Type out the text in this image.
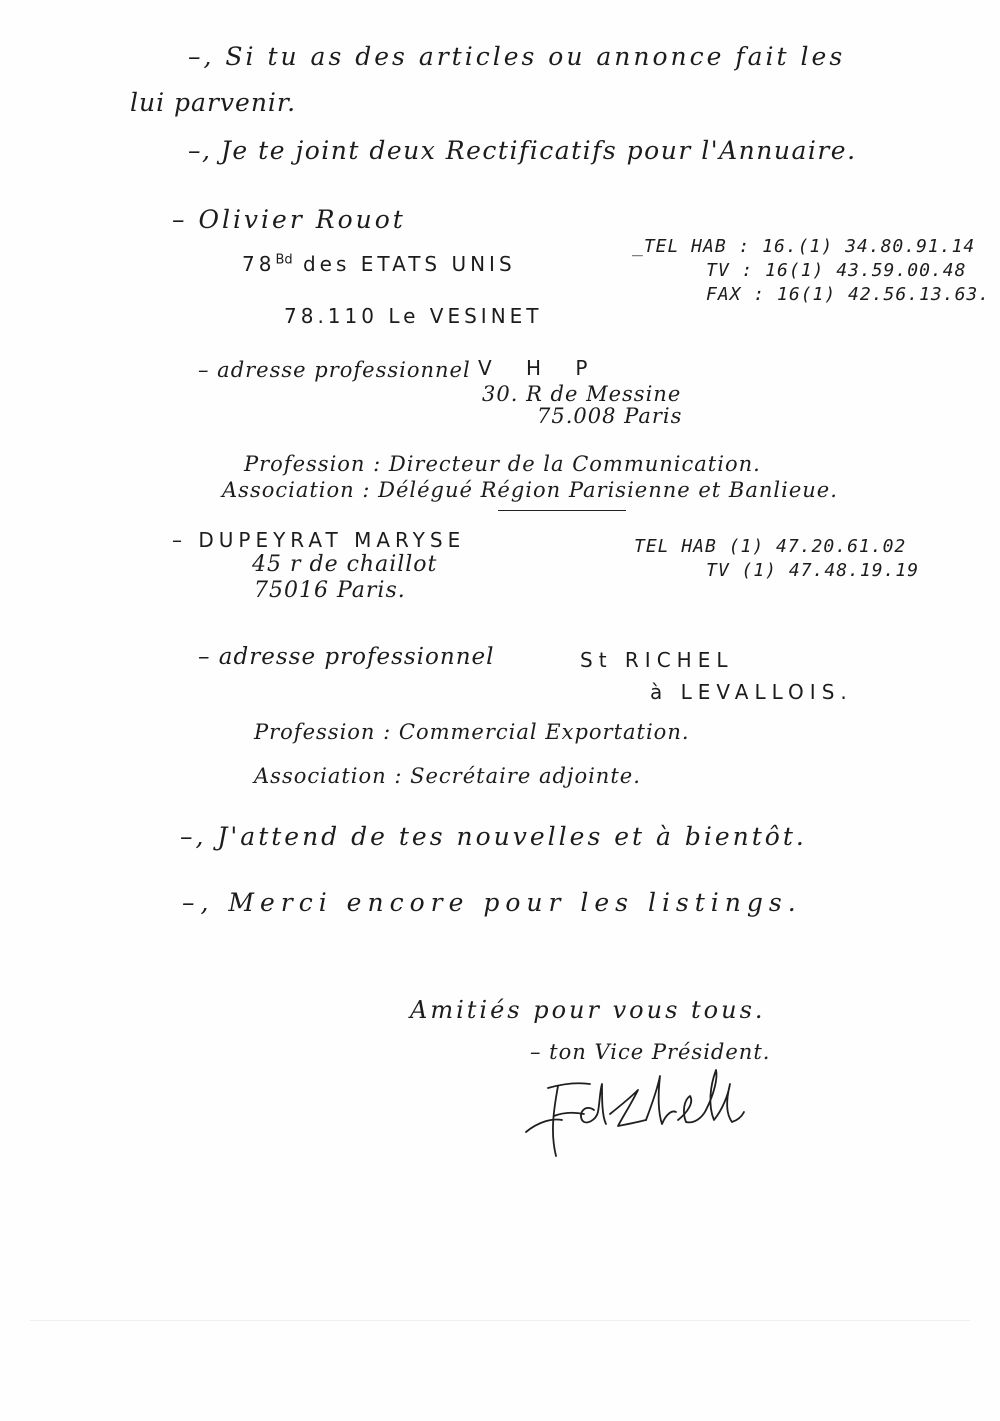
–, Si tu as des articles ou annonce fait les
lui parvenir.
–, Je te joint deux Rectificatifs pour l'Annuaire.
– Olivier Rouot
$78^{Bd}$ des ETATS UNIS
78.110 Le VESINET
_TEL HAB : 16.(1) 34.80.91.14
TV : 16(1) 43.59.00.48
FAX : 16(1) 42.56.13.63.
– adresse professionnel V H P
30. R de Messine
75.008 Paris
Profession : Directeur de la Communication.
Association : Délégué Région Parisienne et Banlieue.
– DUPEYRAT MARYSE
45 r de chaillot
75016 Paris.
TEL HAB (1) 47.20.61.02
TV (1) 47.48.19.19
– adresse professionnel	St RICHEL
à LEVALLOIS.
Profession : Commercial Exportation.
Association : Secrétaire adjointe.
–, J'attend de tes nouvelles et à bientôt.
–, Merci encore pour les listings.
Amitiés pour vous tous.
– ton Vice Président.
